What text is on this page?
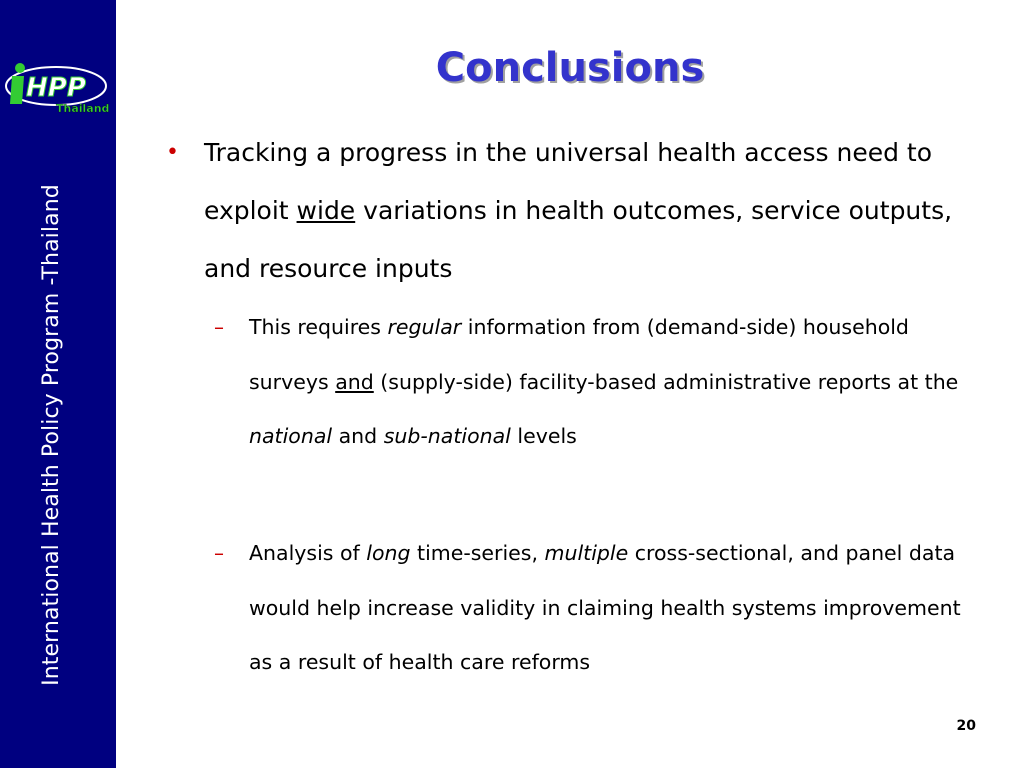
HPP
Thailand
International Health Policy Program -Thailand
Conclusions
• Tracking a progress in the universal health access need to exploit wide variations in health outcomes, service outputs, and resource inputs
– This requires regular information from (demand-side) household surveys and (supply-side) facility-based administrative reports at the national and sub-national levels
– Analysis of long time-series, multiple cross-sectional, and panel data would help increase validity in claiming health systems improvement as a result of health care reforms
20
